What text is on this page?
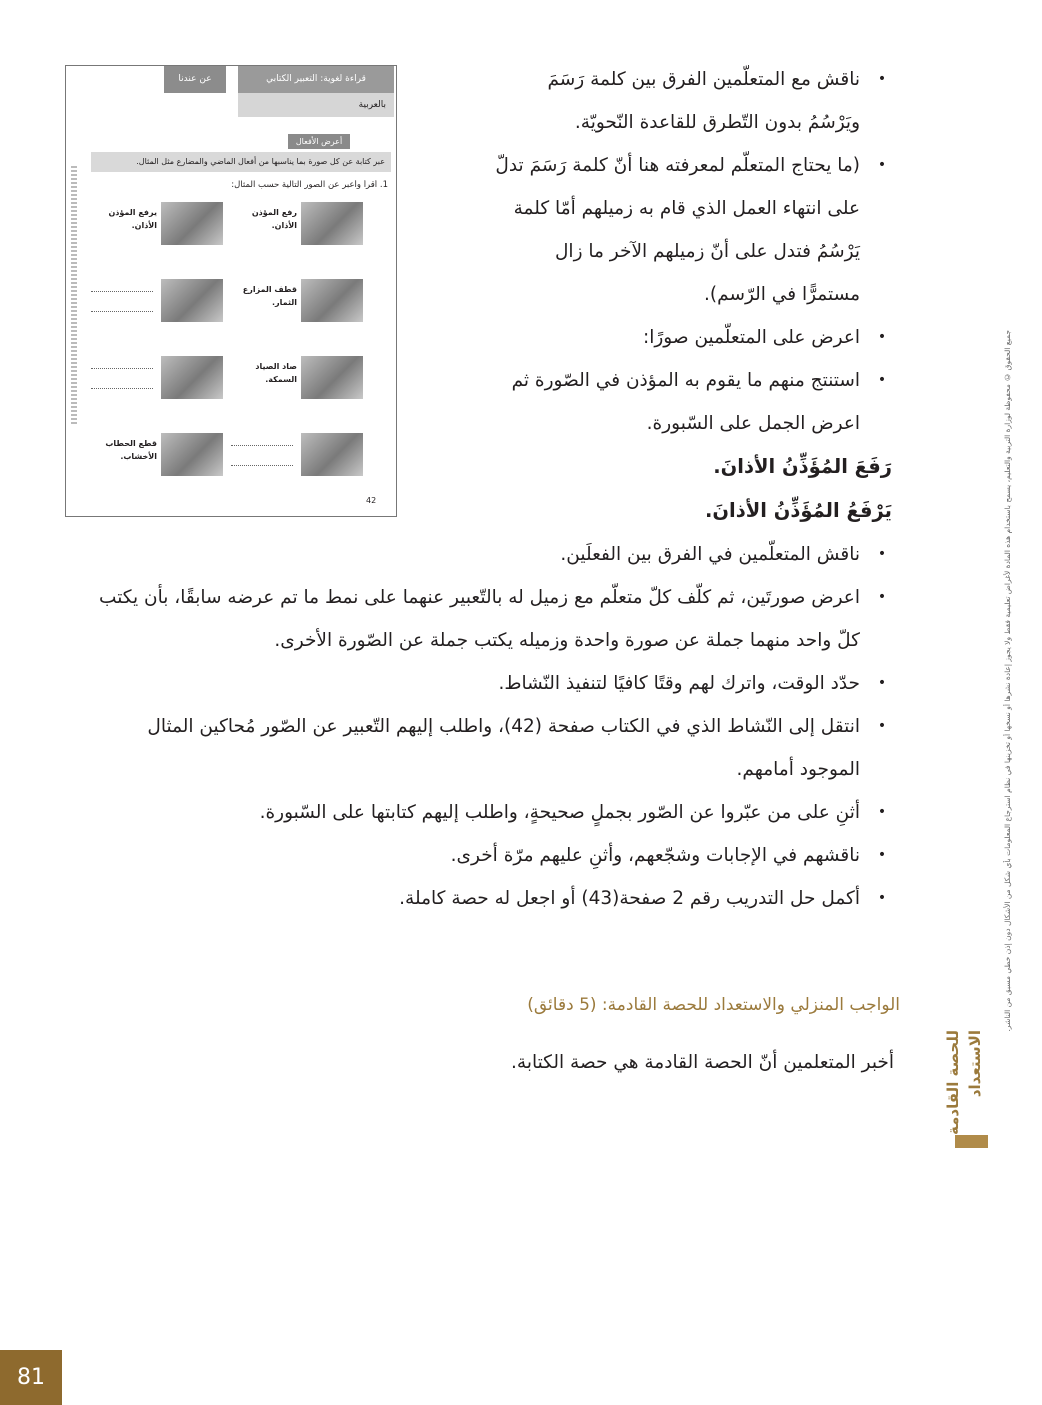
عن عندنا	قراءة لغوية: التعبير الكتابي
بالعربية
أعرض الأفعال
عبر كتابة عن كل صورة بما يناسبها من أفعال الماضي والمضارع مثل المثال.
1. أقرأ وأعبر عن الصور التالية حسب المثال:
رفع المؤذن الأذان.
يرفع المؤذن الأذان.
قطف المزارع الثمار.
صاد الصياد السمكة.
قطع الحطاب الأخشاب.
42
•
ناقش مع المتعلّمين الفرق بين كلمة رَسَمَ ويَرْسُمُ بدون التّطرق للقاعدة النّحويّة.
•
(ما يحتاج المتعلّم لمعرفته هنا أنّ كلمة رَسَمَ تدلّ على انتهاء العمل الذي قام به زميلهم أمّا كلمة يَرْسُمُ فتدل على أنّ زميلهم الآخر ما زال مستمرًّا في الرّسم).
•
اعرض على المتعلّمين صورًا:
•
استنتج منهم ما يقوم به المؤذن في الصّورة ثم اعرض الجمل على السّبورة.
رَفَعَ المُؤَذِّنُ الأذانَ.يَرْفَعُ المُؤَذِّنُ الأذانَ.
•
ناقش المتعلّمين في الفرق بين الفعلَين.
•
اعرض صورتَين، ثم كلّف كلّ متعلّم مع زميل له بالتّعبير عنهما على نمط ما تم عرضه سابقًا، بأن يكتب كلّ واحد منهما جملة عن صورة واحدة وزميله يكتب جملة عن الصّورة الأخرى.
•
حدّد الوقت، واترك لهم وقتًا كافيًا لتنفيذ النّشاط.
•
انتقل إلى النّشاط الذي في الكتاب صفحة (42)، واطلب إليهم التّعبير عن الصّور مُحاكين المثال الموجود أمامهم.
•
أثنِ على من عبّروا عن الصّور بجملٍ صحيحةٍ، واطلب إليهم كتابتها على السّبورة.
•
ناقشهم في الإجابات وشجّعهم، وأثنِ عليهم مرّة أخرى.
•
أكمل حل التدريب رقم 2 صفحة(43) أو اجعل له حصة كاملة.
الواجب المنزلي والاستعداد للحصة القادمة: (5 دقائق)
أخبر المتعلمين أنّ الحصة القادمة هي حصة الكتابة.	الاستعداد
للحصة القادمة
جميع الحقوق © محفوظة لوزارة التربية والتعليم، يسمح باستخدام هذه المادة لأغراض تعليمية فقط ولا يجوز إعادة نشرها أو نسخها أو تخزينها في نظام استرجاع المعلومات بأي شكل من الأشكال دون إذن خطي مسبق من الناشر.
81
